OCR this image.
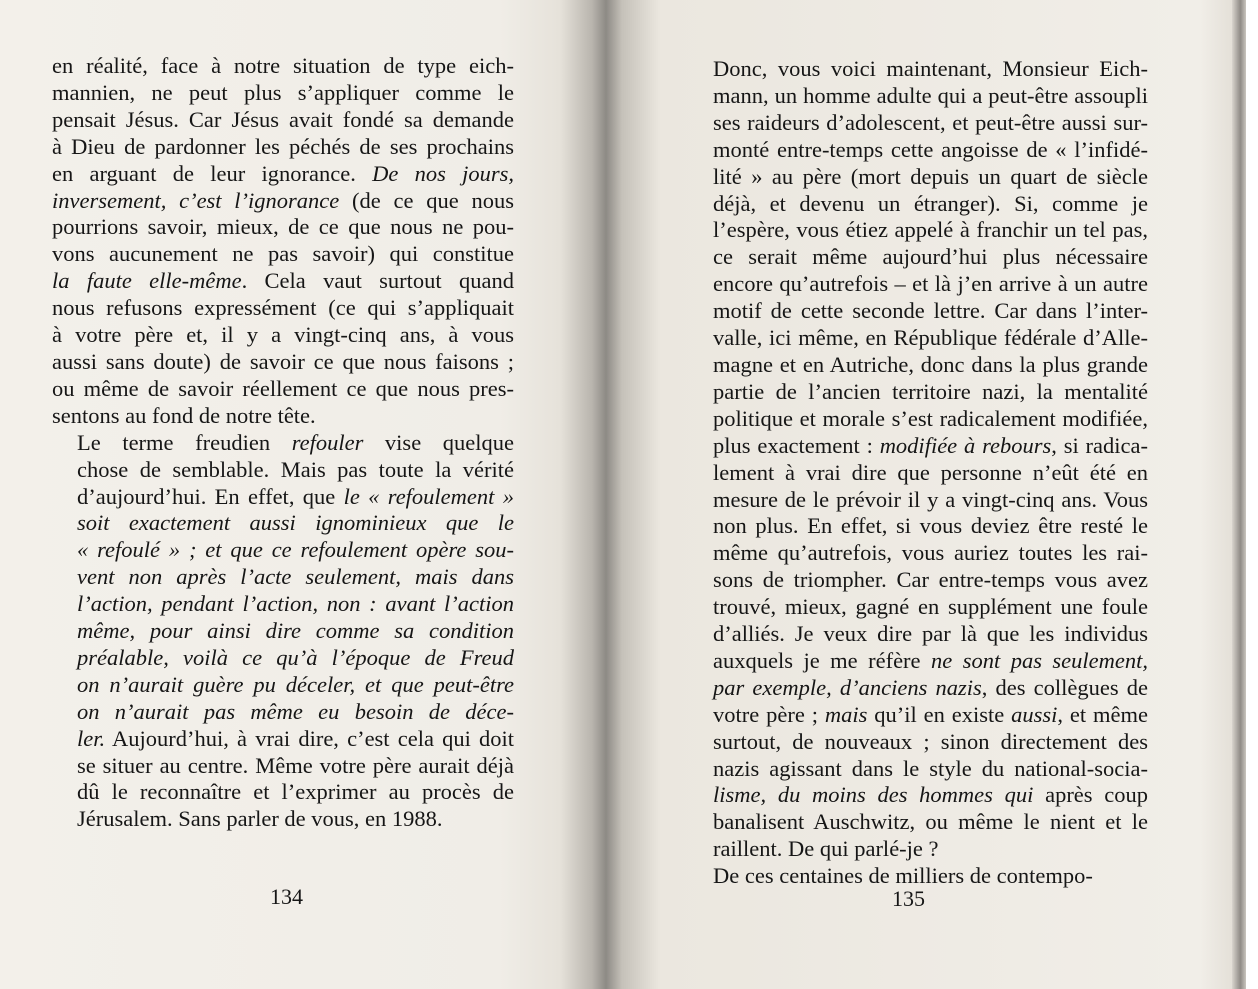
en réalité, face à notre situation de type eich-
mannien, ne peut plus s’appliquer comme le
pensait Jésus. Car Jésus avait fondé sa demande
à Dieu de pardonner les péchés de ses prochains
en arguant de leur ignorance. De nos jours,
inversement, c’est l’ignorance (de ce que nous
pourrions savoir, mieux, de ce que nous ne pou-
vons aucunement ne pas savoir) qui constitue
la faute elle-même. Cela vaut surtout quand
nous refusons expressément (ce qui s’appliquait
à votre père et, il y a vingt-cinq ans, à vous
aussi sans doute) de savoir ce que nous faisons ;
ou même de savoir réellement ce que nous pres-
sentons au fond de notre tête.
Le terme freudien refouler vise quelque
chose de semblable. Mais pas toute la vérité
d’aujourd’hui. En effet, que le « refoulement »
soit exactement aussi ignominieux que le
« refoulé » ; et que ce refoulement opère sou-
vent non après l’acte seulement, mais dans
l’action, pendant l’action, non : avant l’action
même, pour ainsi dire comme sa condition
préalable, voilà ce qu’à l’époque de Freud
on n’aurait guère pu déceler, et que peut-être
on n’aurait pas même eu besoin de déce-
ler. Aujourd’hui, à vrai dire, c’est cela qui doit
se situer au centre. Même votre père aurait déjà
dû le reconnaître et l’exprimer au procès de
Jérusalem. Sans parler de vous, en 1988.
Donc, vous voici maintenant, Monsieur Eich-
mann, un homme adulte qui a peut-être assoupli
ses raideurs d’adolescent, et peut-être aussi sur-
monté entre-temps cette angoisse de « l’infidé-
lité » au père (mort depuis un quart de siècle
déjà, et devenu un étranger). Si, comme je
l’espère, vous étiez appelé à franchir un tel pas,
ce serait même aujourd’hui plus nécessaire
encore qu’autrefois – et là j’en arrive à un autre
motif de cette seconde lettre. Car dans l’inter-
valle, ici même, en République fédérale d’Alle-
magne et en Autriche, donc dans la plus grande
partie de l’ancien territoire nazi, la mentalité
politique et morale s’est radicalement modifiée,
plus exactement : modifiée à rebours, si radica-
lement à vrai dire que personne n’eût été en
mesure de le prévoir il y a vingt-cinq ans. Vous
non plus. En effet, si vous deviez être resté le
même qu’autrefois, vous auriez toutes les rai-
sons de triompher. Car entre-temps vous avez
trouvé, mieux, gagné en supplément une foule
d’alliés. Je veux dire par là que les individus
auxquels je me réfère ne sont pas seulement,
par exemple, d’anciens nazis, des collègues de
votre père ; mais qu’il en existe aussi, et même
surtout, de nouveaux ; sinon directement des
nazis agissant dans le style du national-socia-
lisme, du moins des hommes qui après coup
banalisent Auschwitz, ou même le nient et le
raillent. De qui parlé-je ?
De ces centaines de milliers de contempo-
134	135
